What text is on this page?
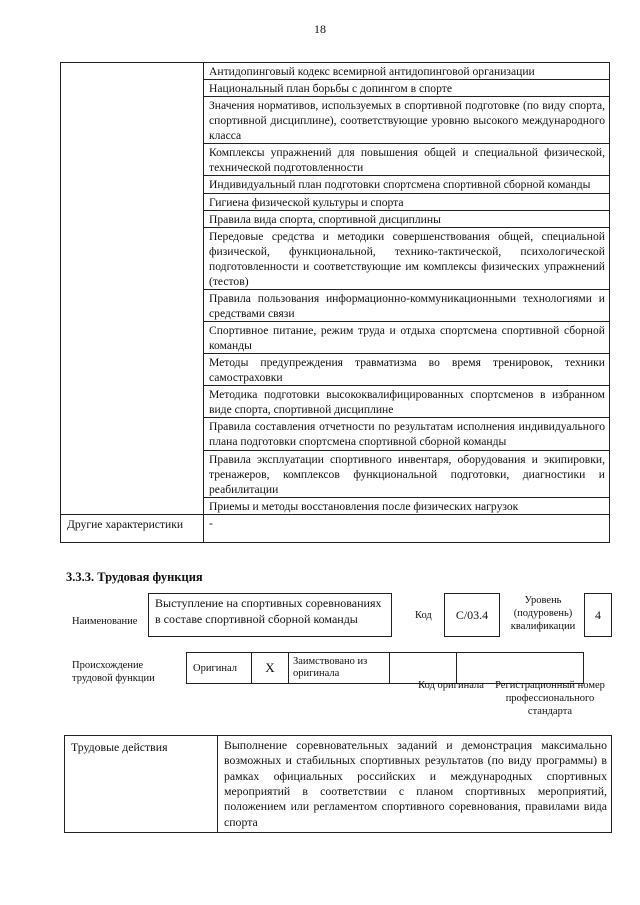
18
	Антидопинговый кодекс всемирной антидопинговой организации
	Национальный план борьбы с допингом в спорте
	Значения нормативов, используемых в спортивной подготовке (по виду спорта, спортивной дисциплине), соответствующие уровню высокого международного класса
	Комплексы упражнений для повышения общей и специальной физической, технической подготовленности
	Индивидуальный план подготовки спортсмена спортивной сборной команды
	Гигиена физической культуры и спорта
	Правила вида спорта, спортивной дисциплины
	Передовые средства и методики совершенствования общей, специальной физической, функциональной, технико-тактической, психологической подготовленности и соответствующие им комплексы физических упражнений (тестов)
	Правила пользования информационно-коммуникационными технологиями и средствами связи
	Спортивное питание, режим труда и отдыха спортсмена спортивной сборной команды
	Методы предупреждения травматизма во время тренировок, техники самостраховки
	Методика подготовки высококвалифицированных спортсменов в избранном виде спорта, спортивной дисциплине
	Правила составления отчетности по результатам исполнения индивидуального плана подготовки спортсмена спортивной сборной команды
	Правила эксплуатации спортивного инвентаря, оборудования и экипировки, тренажеров, комплексов функциональной подготовки, диагностики и реабилитации
	Приемы и методы восстановления после физических нагрузок
Другие характеристики	-
3.3.3. Трудовая функция
Наименование
Выступление на спортивных соревнованиях в составе спортивной сборной команды	Код	С/03.4
Уровень (подуровень) квалификации
4
Происхождение трудовой функции
Оригинал	X	Заимствовано из оригинала		
Код оригинала	Регистрационный номер профессионального стандарта
Трудовые действия	Выполнение соревновательных заданий и демонстрация максимально возможных и стабильных спортивных результатов (по виду программы) в рамках официальных российских и международных спортивных мероприятий в соответствии с планом спортивных мероприятий, положением или регламентом спортивного соревнования, правилами вида спорта
